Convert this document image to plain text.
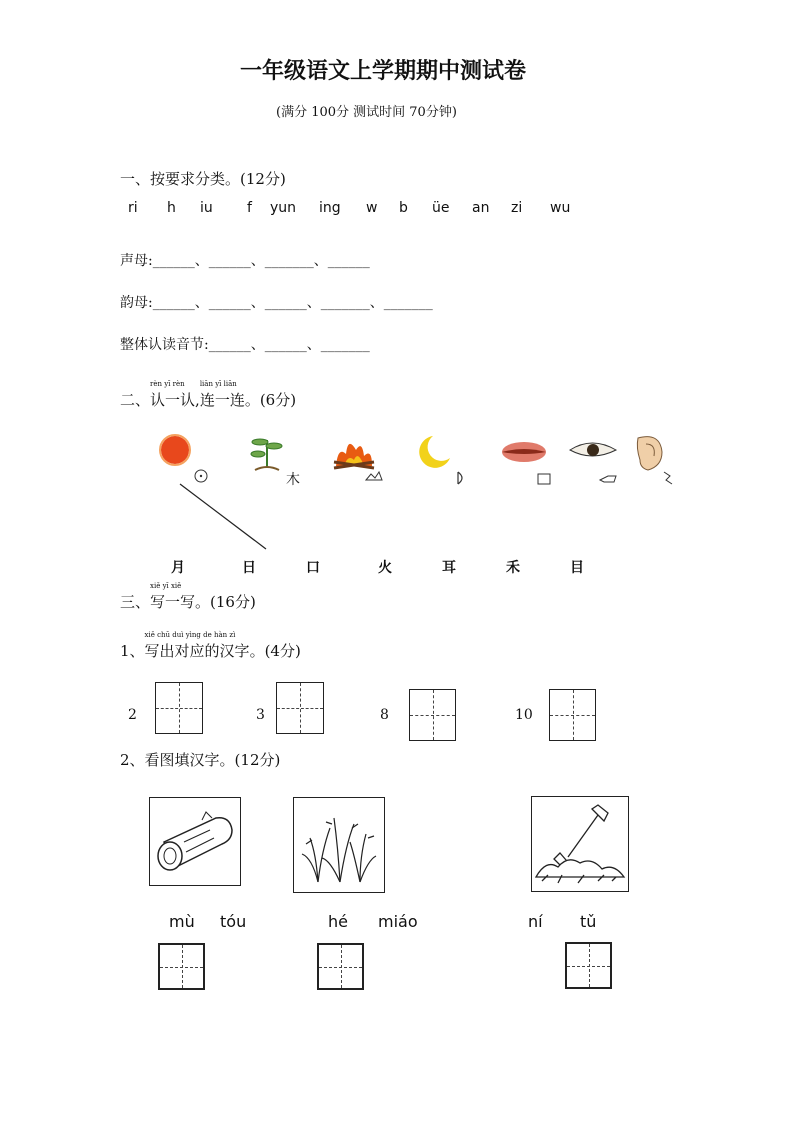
一年级语文上学期期中测试卷
(满分 100分 测试时间 70分钟)
一、按要求分类。(12分)
ri h iu f yun ing w b üe an zi wu
声母:______、______、_______、______
韵母:______、______、______、_______、_______
整体认读音节:______、______、_______
二、
rèn yī rèn
认一认,
liān yī liān
连一连。(6分)
木
月	日	口	火	耳	禾	目
三、
xiě yī xiě
写一写。(16分)
1、
xiě chū duì yìng de hàn zì
写出对应的汉字。(4分)
2	3	8	10
2、看图填汉字。(12分)
mù tóu	hé miáo	ní tǔ
